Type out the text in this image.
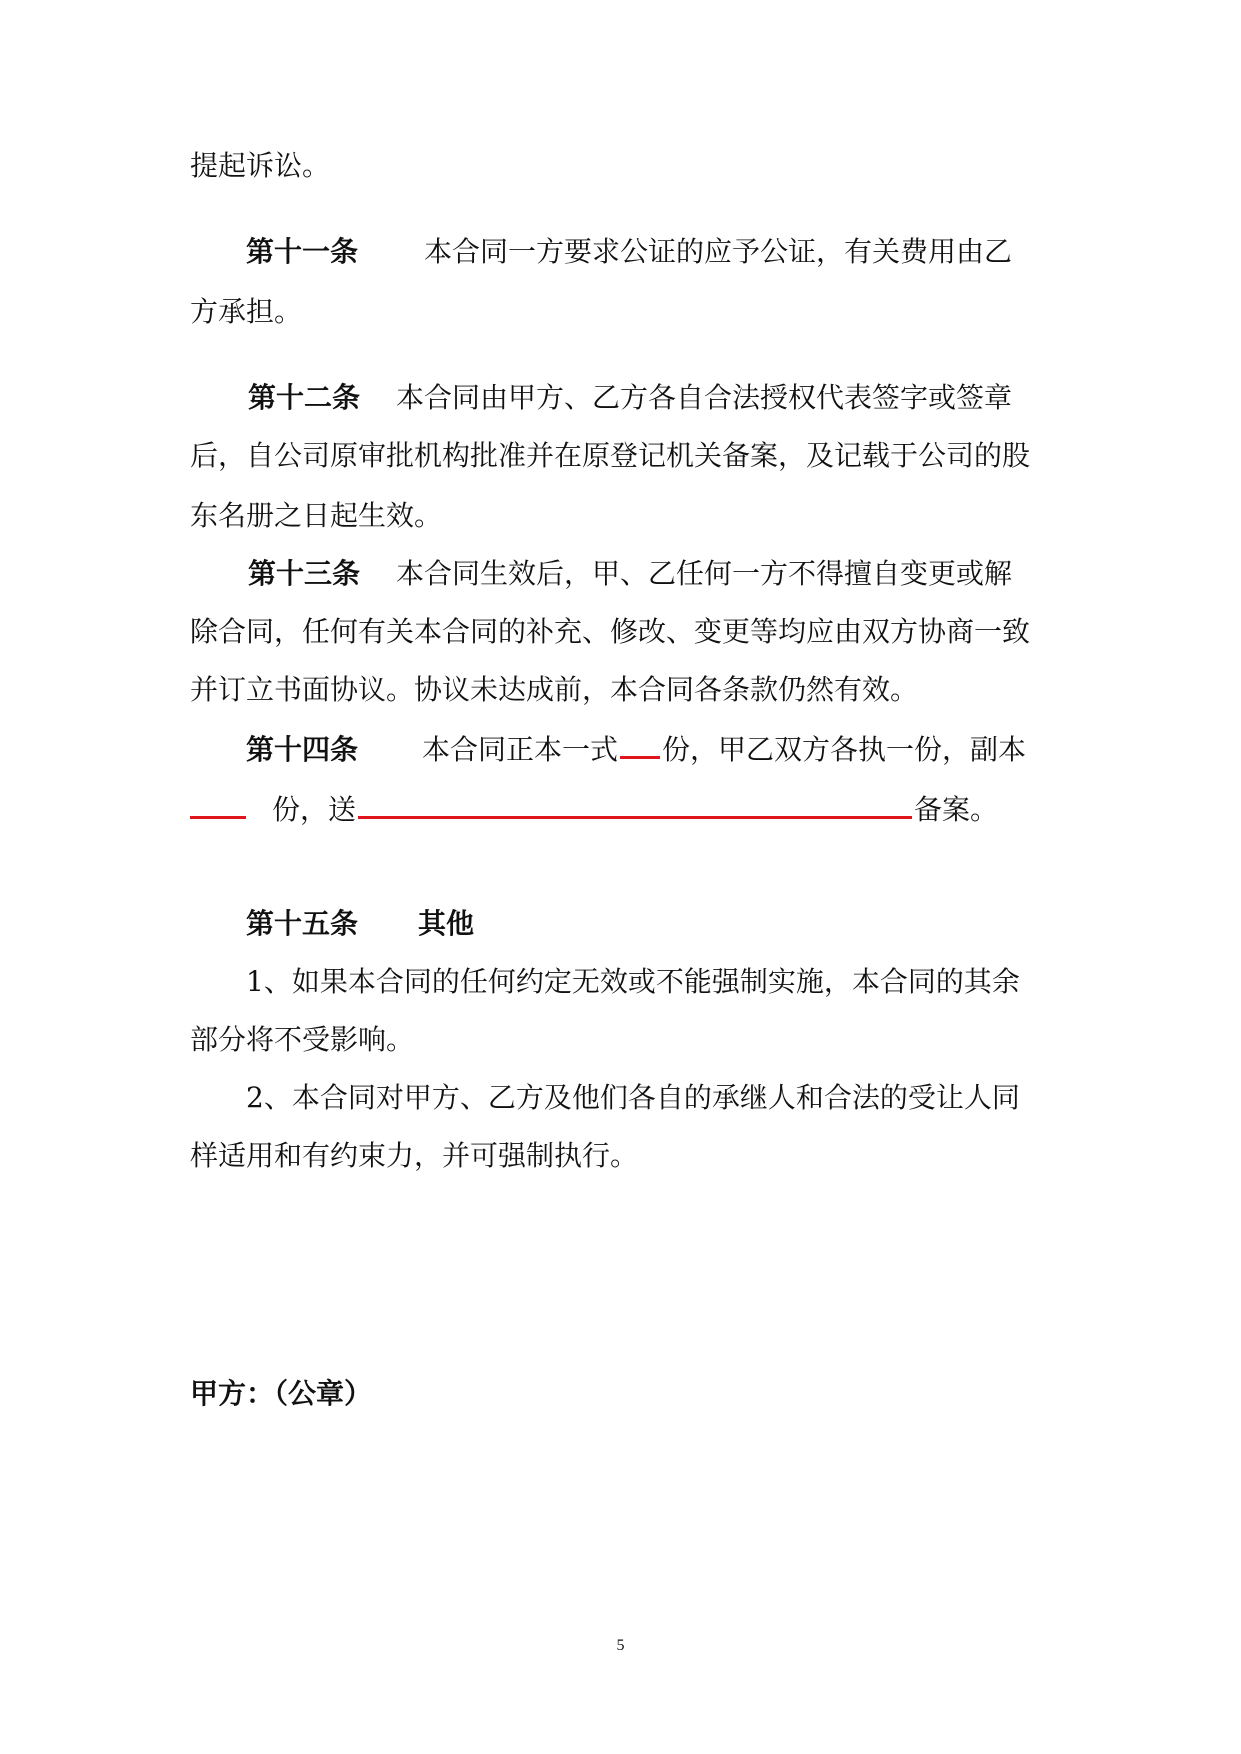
提起诉讼。
第十一条 本合同一方要求公证的应予公证，有关费用由乙
方承担。
第十二条 本合同由甲方、乙方各自合法授权代表签字或签章
后，自公司原审批机构批准并在原登记机关备案，及记载于公司的股
东名册之日起生效。
第十三条 本合同生效后，甲、乙任何一方不得擅自变更或解
除合同，任何有关本合同的补充、修改、变更等均应由双方协商一致
并订立书面协议。协议未达成前，本合同各条款仍然有效。
第十四条 本合同正本一式 份，甲乙双方各执一份，副本
份，送	备案。
第十五条 其他
1、如果本合同的任何约定无效或不能强制实施，本合同的其余
部分将不受影响。
2、本合同对甲方、乙方及他们各自的承继人和合法的受让人同
样适用和有约束力，并可强制执行。
甲方：（公章）
5
